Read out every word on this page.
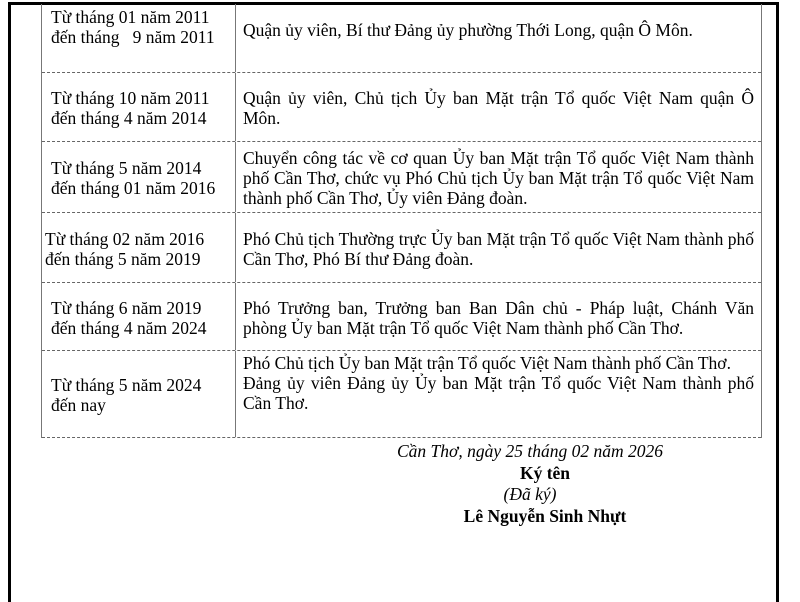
Từ tháng 01 năm 2011 đến tháng   9 năm 2011	Quận ủy viên, Bí thư Đảng ủy phường Thới Long, quận Ô Môn.
Từ tháng 10 năm 2011 đến tháng 4 năm 2014
Quận ủy viên, Chủ tịch Ủy ban Mặt trận Tổ quốc Việt Nam quận Ô Môn.
Từ tháng 5 năm 2014 đến tháng 01 năm 2016
Chuyển công tác về cơ quan Ủy ban Mặt trận Tổ quốc Việt Nam thành phố Cần Thơ, chức vụ Phó Chủ tịch Ủy ban Mặt trận Tổ quốc Việt Nam thành phố Cần Thơ, Ủy viên Đảng đoàn.
Từ tháng 02 năm 2016 đến tháng 5 năm 2019
Phó Chủ tịch Thường trực Ủy ban Mặt trận Tổ quốc Việt Nam thành phố Cần Thơ, Phó Bí thư Đảng đoàn.
Từ tháng 6 năm 2019 đến tháng 4 năm 2024
Phó Trưởng ban, Trưởng ban Ban Dân chủ - Pháp luật, Chánh Văn phòng Ủy ban Mặt trận Tổ quốc Việt Nam thành phố Cần Thơ.
Từ tháng 5 năm 2024 đến nay
Phó Chủ tịch Ủy ban Mặt trận Tổ quốc Việt Nam thành phố Cần Thơ.
Đảng ủy viên Đảng ủy Ủy ban Mặt trận Tổ quốc Việt Nam thành phố Cần Thơ.
Cần Thơ, ngày 25 tháng 02 năm 2026
Ký tên
(Đã ký)
Lê Nguyễn Sinh Nhựt
